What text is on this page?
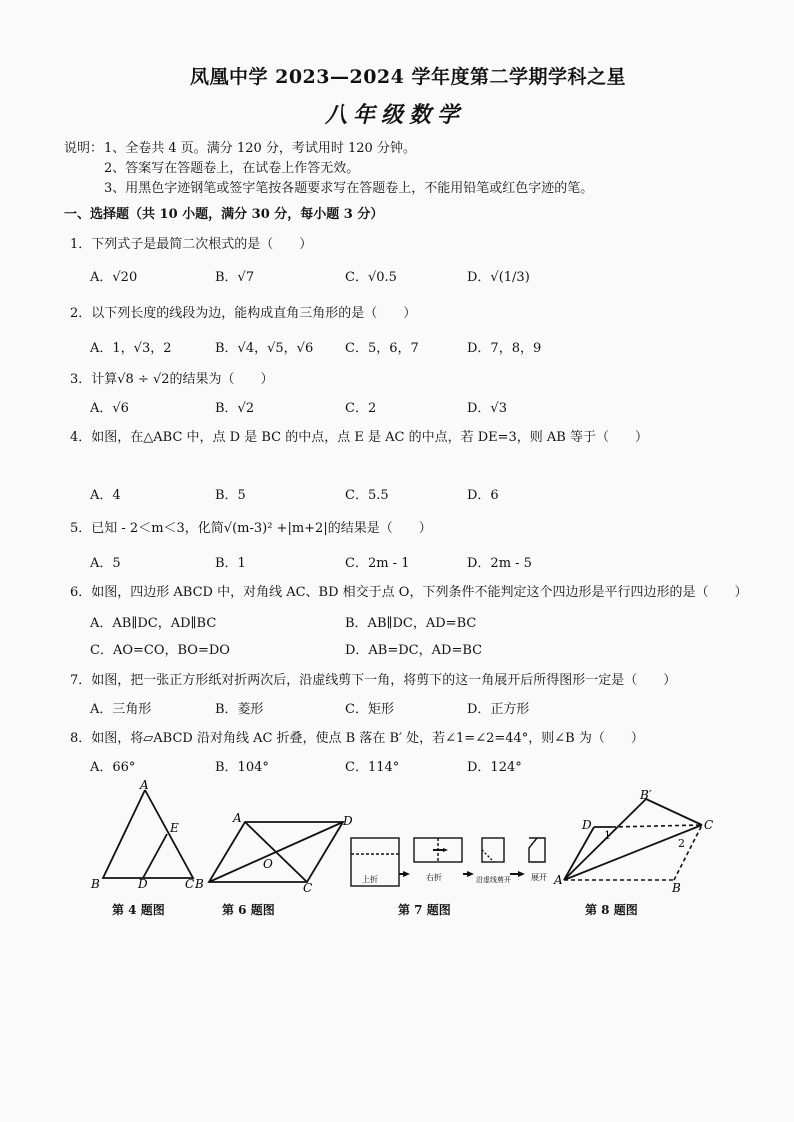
凤凰中学 2023—2024 学年度第二学期学科之星
八年级数学
说明： 1、全卷共 4 页。满分 120 分，考试用时 120 分钟。
2、答案写在答题卷上，在试卷上作答无效。
3、用黑色字迹钢笔或签字笔按各题要求写在答题卷上，不能用铅笔或红色字迹的笔。
一、选择题（共 10 小题，满分 30 分，每小题 3 分）
1．下列式子是最简二次根式的是（　　）
A．√20	B．√7	C．√0.5	D．√(1/3)
2．以下列长度的线段为边，能构成直角三角形的是（　　）
A．1，√3，2	B．√4，√5，√6 C．5，6，7	D．7，8，9
3．计算√8 ÷ √2的结果为（　　）
A．√6	B．√2	C．2	D．√3
4．如图，在△ABC 中，点 D 是 BC 的中点，点 E 是 AC 的中点，若 DE=3，则 AB 等于（　　）
A．4	B．5	C．5.5	D．6
5．已知 - 2＜m＜3，化简√(m-3)² +|m+2|的结果是（　　）
A．5	B．1	C．2m - 1	D．2m - 5
6．如图，四边形 ABCD 中，对角线 AC、BD 相交于点 O，下列条件不能判定这个四边形是平行四边形的是（　　）
A．AB∥DC，AD∥BC	B．AB∥DC，AD=BC
C．AO=CO，BO=DO	D．AB=DC，AD=BC
7．如图，把一张正方形纸对折两次后，沿虚线剪下一角，将剪下的这一角展开后所得图形一定是（　　）
A．三角形	B．菱形	C．矩形	D．正方形
8．如图，将▱ABCD 沿对角线 AC 折叠，使点 B 落在 B′ 处，若∠1=∠2=44°，则∠B 为（　　）
A．66°	B．104°	C．114°	D．124°
A
E
B	D	C
第 4 题图
A	D
O
B	C
第 6 题图
上折	右折	沿虚线剪开	展开
第 7 题图
B′
D	C
A
B
1
2
第 8 题图
